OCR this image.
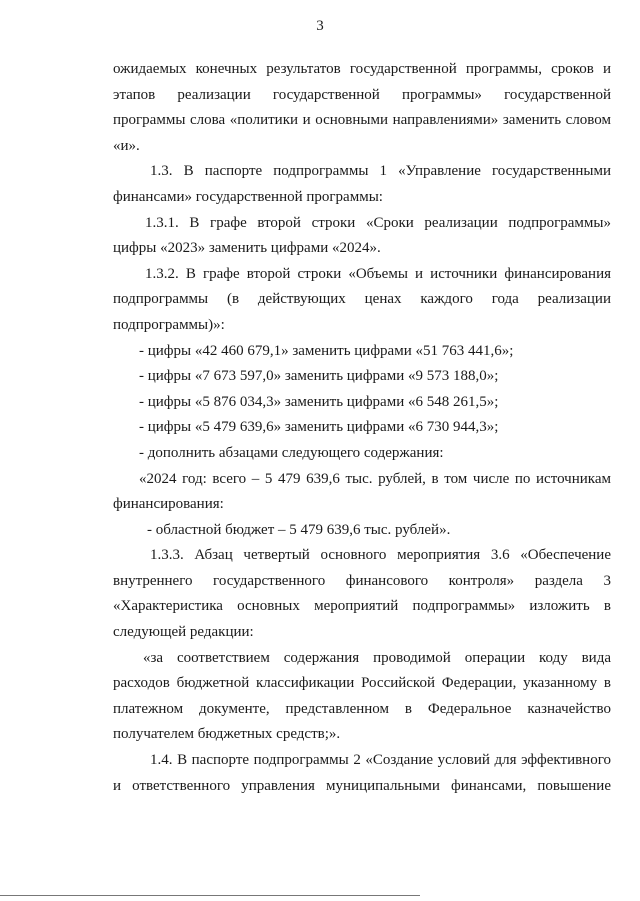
3

ожидаемых конечных результатов государственной программы, сроков и

этапов реализации государственной программы» государственной

программы слова «политики и основными направлениями» заменить словом

«и».

1.3. В паспорте подпрограммы 1 «Управление государственными

финансами» государственной программы:

1.3.1. В графе второй строки «Сроки реализации подпрограммы»

цифры «2023» заменить цифрами «2024».

1.3.2. В графе второй строки «Объемы и источники финансирования

подпрограммы (в действующих ценах каждого года реализации

подпрограммы)»:

- цифры «42 460 679,1» заменить цифрами «51 763 441,6»;

- цифры «7 673 597,0» заменить цифрами «9 573 188,0»;

- цифры «5 876 034,3» заменить цифрами «6 548 261,5»;

- цифры «5 479 639,6» заменить цифрами «6 730 944,3»;

- дополнить абзацами следующего содержания:

«2024 год: всего – 5 479 639,6 тыс. рублей, в том числе по источникам

финансирования:

- областной бюджет – 5 479 639,6 тыс. рублей».

1.3.3. Абзац четвертый основного мероприятия 3.6 «Обеспечение

внутреннего государственного финансового контроля» раздела 3

«Характеристика основных мероприятий подпрограммы» изложить в

следующей редакции:

«за соответствием содержания проводимой операции коду вида

расходов бюджетной классификации Российской Федерации, указанному в

платежном документе, представленном в Федеральное казначейство

получателем бюджетных средств;».

1.4. В паспорте подпрограммы 2 «Создание условий для эффективного

и ответственного управления муниципальными финансами, повышение
